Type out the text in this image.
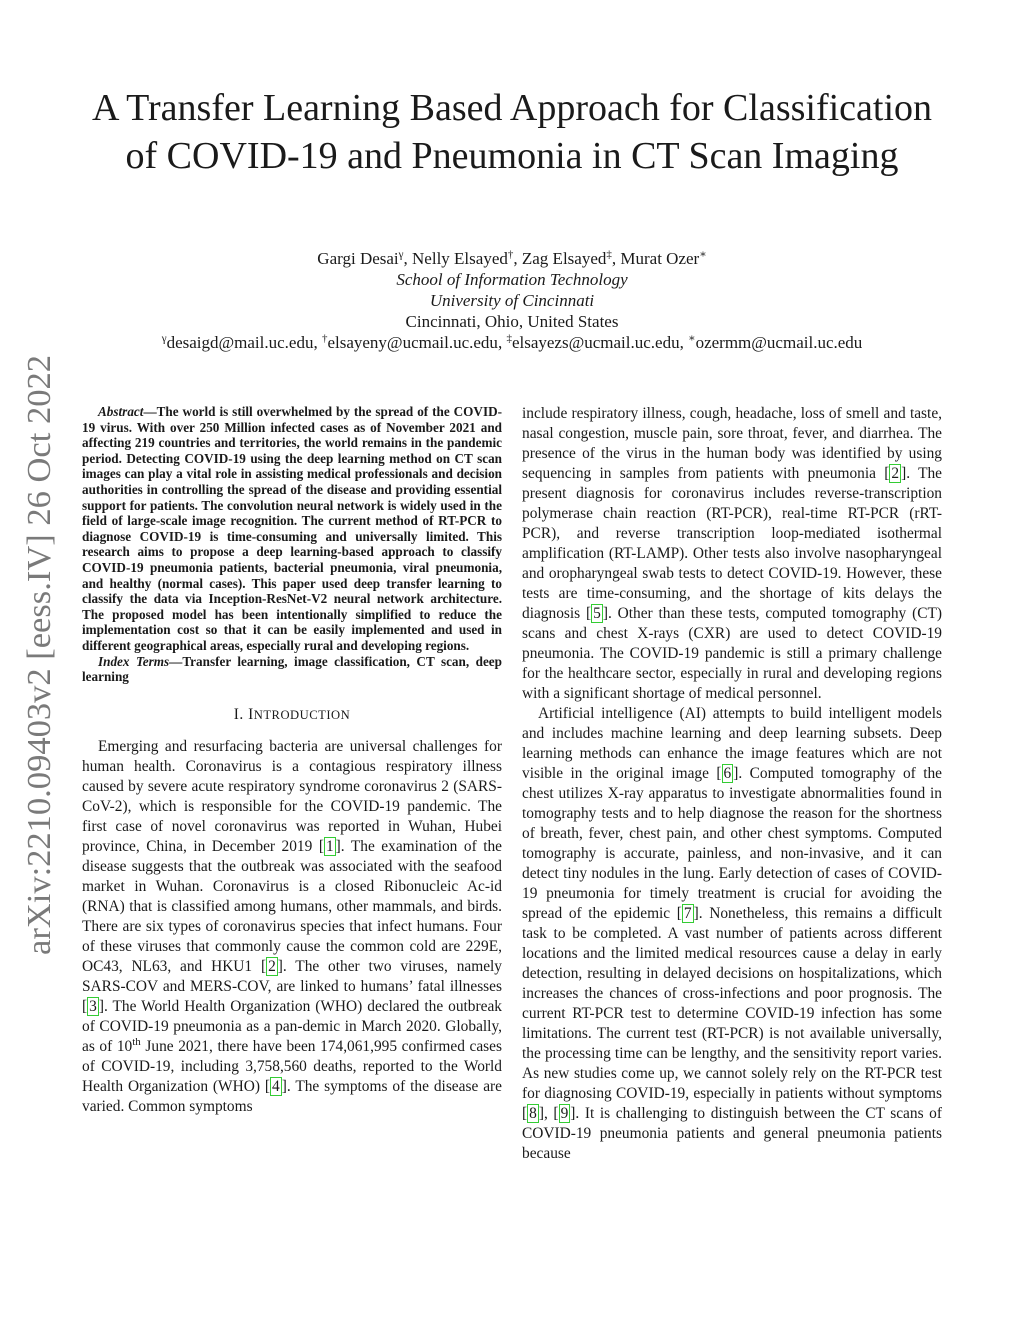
arXiv:2210.09403v2 [eess.IV] 26 Oct 2022
A Transfer Learning Based Approach for Classification of COVID-19 and Pneumonia in CT Scan Imaging
Gargi Desai$^\gamma$, Nelly Elsayed†, Zag Elsayed‡, Murat Ozer∗
School of Information Technology
University of Cincinnati
Cincinnati, Ohio, United States
$^\gamma$desaigd@mail.uc.edu, †elsayeny@ucmail.uc.edu, ‡elsayezs@ucmail.uc.edu, ∗ozermm@ucmail.uc.edu

Abstract—The world is still overwhelmed by the spread of the COVID-19 virus. With over 250 Million infected cases as of November 2021 and affecting 219 countries and territories, the world remains in the pandemic period. Detecting COVID-19 using the deep learning method on CT scan images can play a vital role in assisting medical professionals and decision authorities in controlling the spread of the disease and providing essential support for patients. The convolution neural network is widely used in the field of large-scale image recognition. The current method of RT-PCR to diagnose COVID-19 is time-consuming and universally limited. This research aims to propose a deep learning-based approach to classify COVID-19 pneumonia patients, bacterial pneumonia, viral pneumonia, and healthy (normal cases). This paper used deep transfer learning to classify the data via Inception-ResNet-V2 neural network architecture. The proposed model has been intentionally simplified to reduce the implementation cost so that it can be easily implemented and used in different geographical areas, especially rural and developing regions.

Index Terms—Transfer learning, image classification, CT scan, deep learning

I. INTRODUCTION

Emerging and resurfacing bacteria are universal challenges for human health. Coronavirus is a contagious respiratory illness caused by severe acute respiratory syndrome coronavirus 2 (SARS-CoV-2), which is responsible for the COVID-19 pandemic. The first case of novel coronavirus was reported in Wuhan, Hubei province, China, in December 2019 [ 1 ]. The examination of the disease suggests that the outbreak was associated with the seafood market in Wuhan. Coronavirus is a closed Ribonucleic Ac-id (RNA) that is classified among humans, other mammals, and birds. There are six types of coronavirus species that infect humans. Four of these viruses that commonly cause the common cold are 229E, OC43, NL63, and HKU1 [ 2 ]. The other two viruses, namely SARS-COV and MERS-COV, are linked to humans’ fatal illnesses [ 3 ]. The World Health Organization (WHO) declared the outbreak of COVID-19 pneumonia as a pan-demic in March 2020. Globally, as of 10th June 2021, there have been 174,061,995 confirmed cases of COVID-19, including 3,758,560 deaths, reported to the World Health Organization (WHO) [ 4 ]. The symptoms of the disease are varied. Common symptoms

include respiratory illness, cough, headache, loss of smell and taste, nasal congestion, muscle pain, sore throat, fever, and diarrhea. The presence of the virus in the human body was identified by using sequencing in samples from patients with pneumonia [ 2 ]. The present diagnosis for coronavirus includes reverse-transcription polymerase chain reaction (RT-PCR), real-time RT-PCR (rRT-PCR), and reverse transcription loop-mediated isothermal amplification (RT-LAMP). Other tests also involve nasopharyngeal and oropharyngeal swab tests to detect COVID-19. However, these tests are time-consuming, and the shortage of kits delays the diagnosis [ 5 ]. Other than these tests, computed tomography (CT) scans and chest X-rays (CXR) are used to detect COVID-19 pneumonia. The COVID-19 pandemic is still a primary challenge for the healthcare sector, especially in rural and developing regions with a significant shortage of medical personnel.

Artificial intelligence (AI) attempts to build intelligent models and includes machine learning and deep learning subsets. Deep learning methods can enhance the image features which are not visible in the original image [ 6 ]. Computed tomography of the chest utilizes X-ray apparatus to investigate abnormalities found in tomography tests and to help diagnose the reason for the shortness of breath, fever, chest pain, and other chest symptoms. Computed tomography is accurate, painless, and non-invasive, and it can detect tiny nodules in the lung. Early detection of cases of COVID-19 pneumonia for timely treatment is crucial for avoiding the spread of the epidemic [ 7 ]. Nonetheless, this remains a difficult task to be completed. A vast number of patients across different locations and the limited medical resources cause a delay in early detection, resulting in delayed decisions on hospitalizations, which increases the chances of cross-infections and poor prognosis. The current RT-PCR test to determine COVID-19 infection has some limitations. The current test (RT-PCR) is not available universally, the processing time can be lengthy, and the sensitivity report varies. As new studies come up, we cannot solely rely on the RT-PCR test for diagnosing COVID-19, especially in patients without symptoms [ 8 ], [ 9 ]. It is challenging to distinguish between the CT scans of COVID-19 pneumonia patients and general pneumonia patients because
